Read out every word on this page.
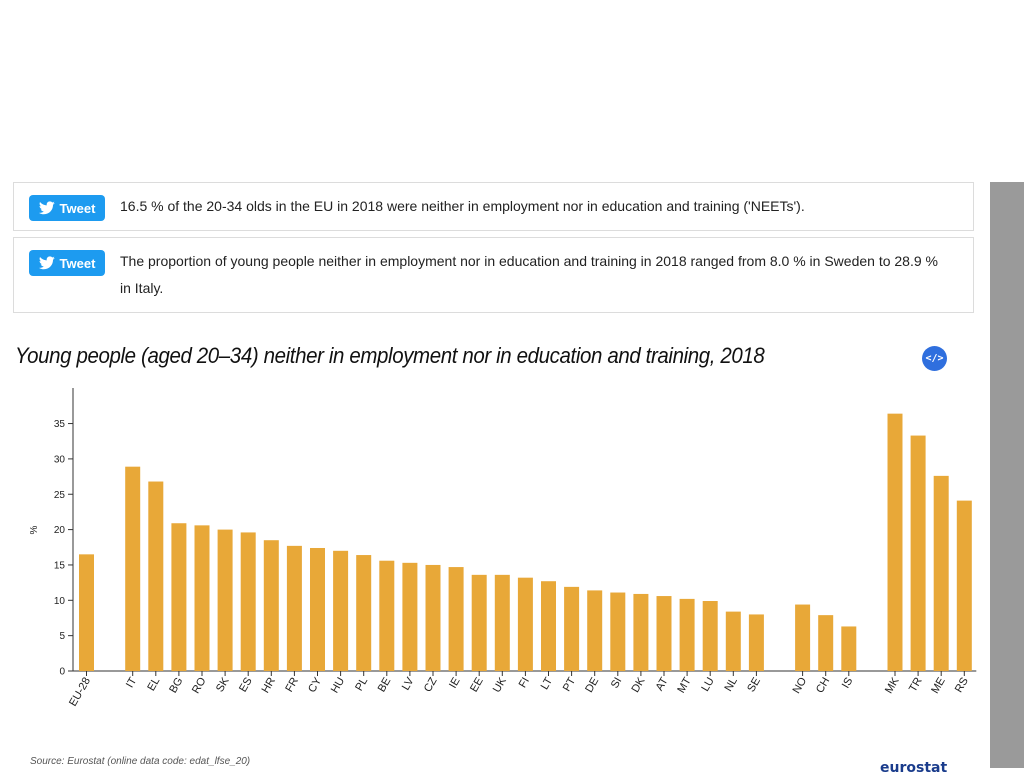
Tweet 16.5 % of the 20-34 olds in the EU in 2018 were neither in employment nor in education and training ('NEETs').
Tweet The proportion of young people neither in employment nor in education and training in 2018 ranged from 8.0 % in Sweden to 28.9 % in Italy.
Young people (aged 20–34) neither in employment nor in education and training, 2018	</>
0
5
10
15
20
25
30
35
EU-28	IT EL BG RO SK ES HR FR CY HU PL BE LV CZ IE EE UK FI LT PT DE SI DK AT MT LU NL SE	NO CH IS	MK TR ME RS
%
Source: Eurostat (online data code: edat_lfse_20)	eurostat
